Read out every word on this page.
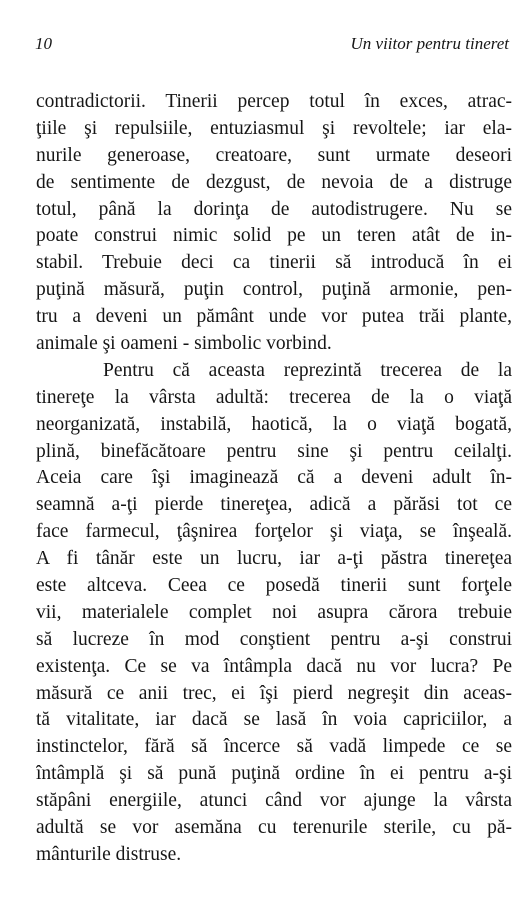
10	Un viitor pentru tineret
contradictorii. Tinerii percep totul în exces, atrac-
ţiile şi repulsiile, entuziasmul şi revoltele; iar ela-
nurile generoase, creatoare, sunt urmate deseori
de sentimente de dezgust, de nevoia de a distruge
totul, până la dorinţa de autodistrugere. Nu se
poate construi nimic solid pe un teren atât de in-
stabil. Trebuie deci ca tinerii să introducă în ei
puţină măsură, puţin control, puţină armonie, pen-
tru a deveni un pământ unde vor putea trăi plante,
animale şi oameni - simbolic vorbind.
Pentru că aceasta reprezintă trecerea de la
tinereţe la vârsta adultă: trecerea de la o viaţă
neorganizată, instabilă, haotică, la o viaţă bogată,
plină, binefăcătoare pentru sine şi pentru ceilalţi.
Aceia care îşi imaginează că a deveni adult în-
seamnă a-ţi pierde tinereţea, adică a părăsi tot ce
face farmecul, ţâşnirea forţelor şi viaţa, se înşeală.
A fi tânăr este un lucru, iar a-ţi păstra tinereţea
este altceva. Ceea ce posedă tinerii sunt forţele
vii, materialele complet noi asupra cărora trebuie
să lucreze în mod conştient pentru a-şi construi
existenţa. Ce se va întâmpla dacă nu vor lucra? Pe
măsură ce anii trec, ei îşi pierd negreşit din aceas-
tă vitalitate, iar dacă se lasă în voia capriciilor, a
instinctelor, fără să încerce să vadă limpede ce se
întâmplă şi să pună puţină ordine în ei pentru a-şi
stăpâni energiile, atunci când vor ajunge la vârsta
adultă se vor asemăna cu terenurile sterile, cu pă-
mânturile distruse.
